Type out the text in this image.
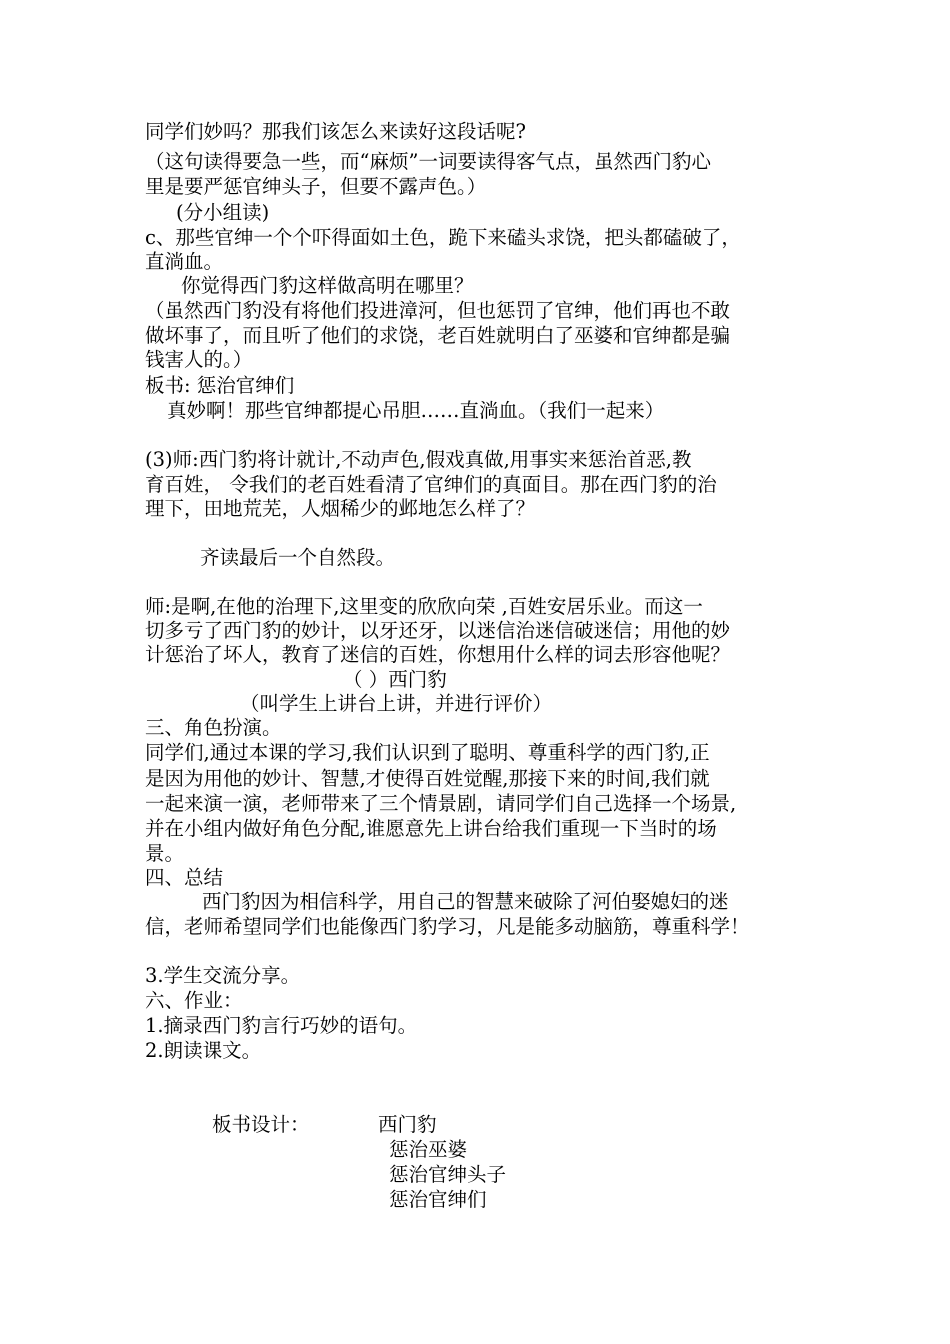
同学们妙吗？那我们该怎么来读好这段话呢?
（这句读得要急一些，而“麻烦”一词要读得客气点，虽然西门豹心
里是要严惩官绅头子，但要不露声色。）
(分小组读)
c、那些官绅一个个吓得面如土色，跪下来磕头求饶，把头都磕破了，
直淌血。
你觉得西门豹这样做高明在哪里？
（虽然西门豹没有将他们投进漳河，但也惩罚了官绅，他们再也不敢
做坏事了，而且听了他们的求饶，老百姓就明白了巫婆和官绅都是骗
钱害人的。）
板书: 惩治官绅们
真妙啊！那些官绅都提心吊胆……直淌血。（我们一起来）
(3)师:西门豹将计就计,不动声色,假戏真做,用事实来惩治首恶,教
育百姓， 令我们的老百姓看清了官绅们的真面目。那在西门豹的治
理下，田地荒芜，人烟稀少的邺地怎么样了？
齐读最后一个自然段。
师:是啊,在他的治理下,这里变的欣欣向荣 ,百姓安居乐业。而这一
切多亏了西门豹的妙计，以牙还牙，以迷信治迷信破迷信；用他的妙
计惩治了坏人，教育了迷信的百姓，你想用什么样的词去形容他呢？
（ ）西门豹
（叫学生上讲台上讲，并进行评价）
三、角色扮演。
同学们,通过本课的学习,我们认识到了聪明、尊重科学的西门豹,正
是因为用他的妙计、智慧,才使得百姓觉醒,那接下来的时间,我们就
一起来演一演，老师带来了三个情景剧，请同学们自己选择一个场景,
并在小组内做好角色分配,谁愿意先上讲台给我们重现一下当时的场
景。
四、总结
西门豹因为相信科学，用自己的智慧来破除了河伯娶媳妇的迷
信，老师希望同学们也能像西门豹学习，凡是能多动脑筋，尊重科学！
3.学生交流分享。
六、作业：
1.摘录西门豹言行巧妙的语句。
2.朗读课文。
板书设计：	西门豹
惩治巫婆
惩治官绅头子
惩治官绅们
